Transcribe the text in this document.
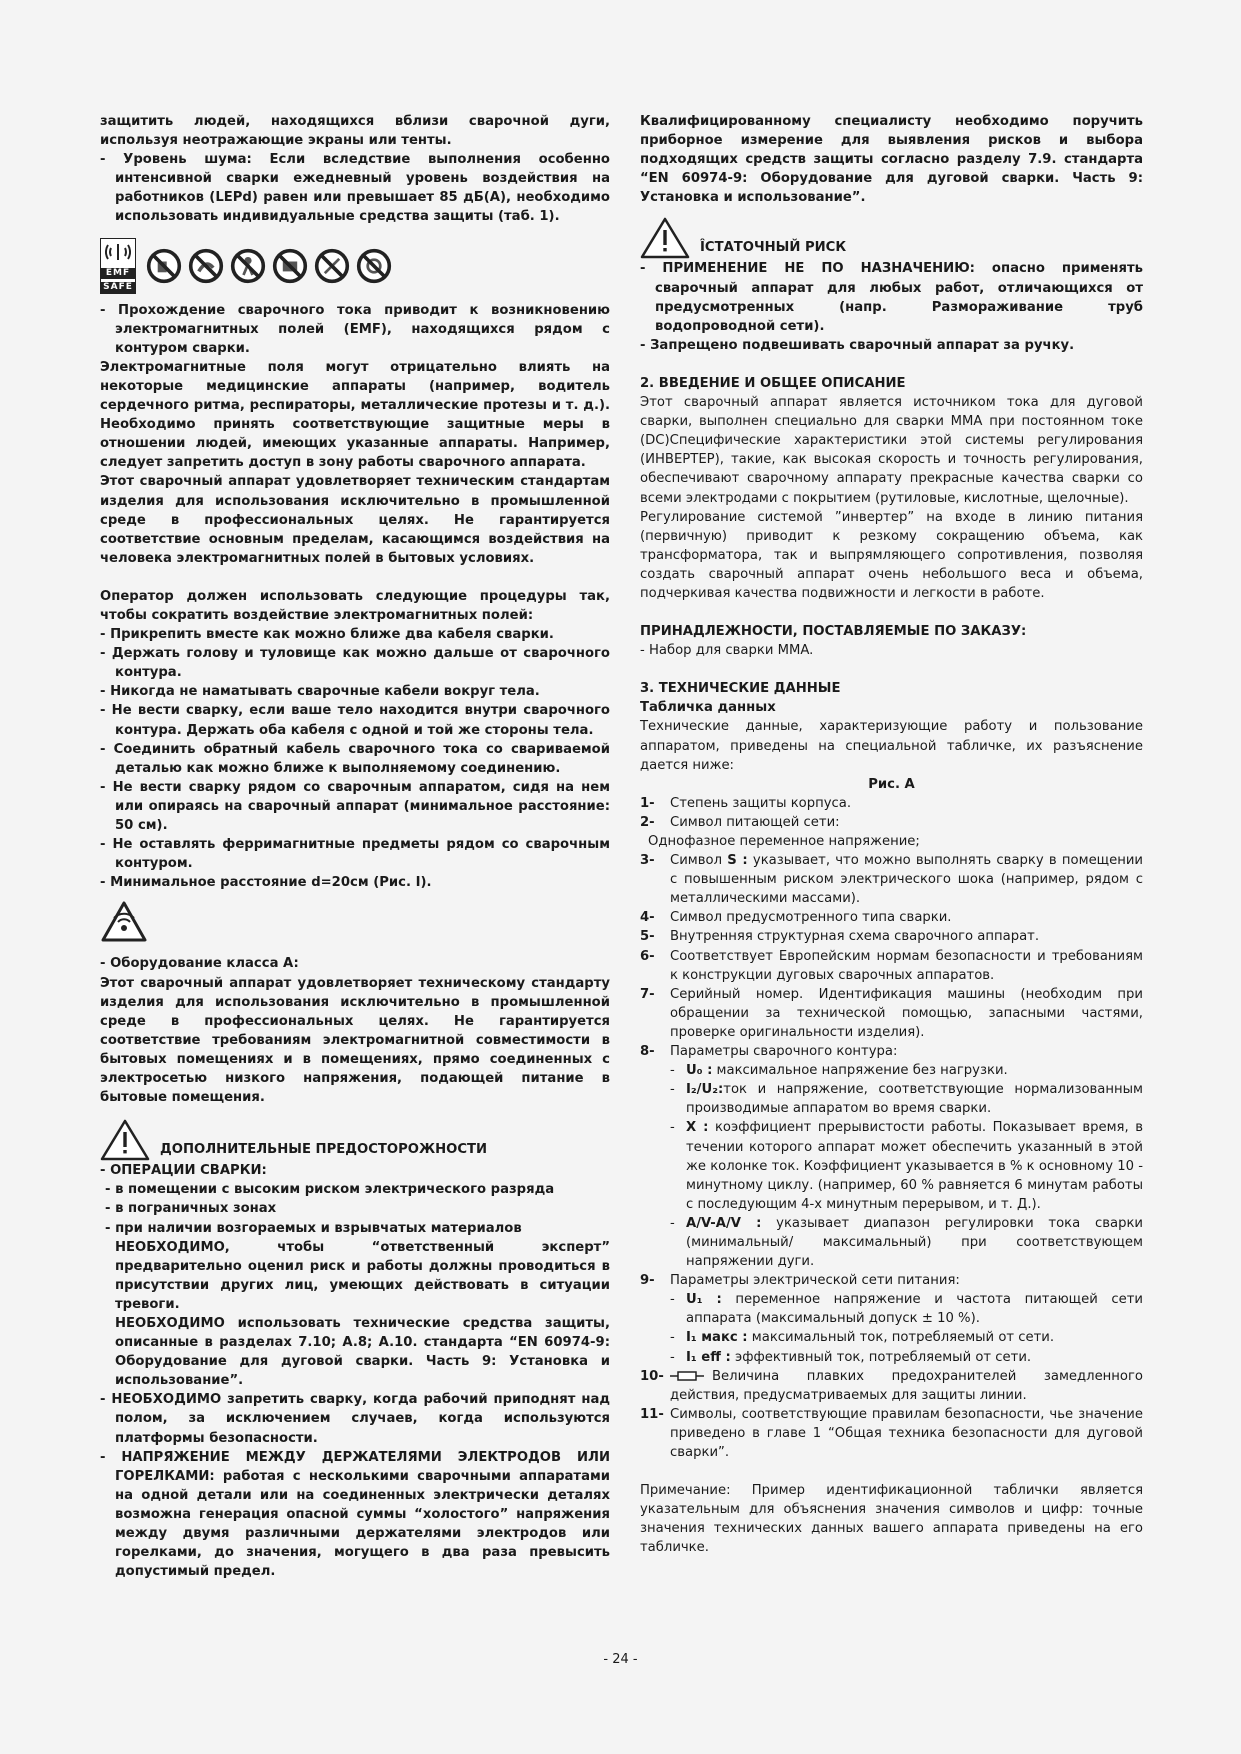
защитить людей, находящихся вблизи сварочной дуги, используя неотражающие экраны или тенты.

- Уровень шума: Если вследствие выполнения особенно интенсивной сварки ежедневный уровень воздействия на работников (LEPd) равен или превышает 85 дБ(A), необходимо использовать индивидуальные средства защиты (таб. 1).

EMF
SAFE

- Прохождение сварочного тока приводит к возникновению электромагнитных полей (EMF), находящихся рядом с контуром сварки.

Электромагнитные поля могут отрицательно влиять на некоторые медицинские аппараты (например, водитель сердечного ритма, респираторы, металлические протезы и т. д.). Необходимо принять соответствующие защитные меры в отношении людей, имеющих указанные аппараты. Например, следует запретить доступ в зону работы сварочного аппарата.

Этот сварочный аппарат удовлетворяет техническим стандартам изделия для использования исключительно в промышленной среде в профессиональных целях. Не гарантируется соответствие основным пределам, касающимся воздействия на человека электромагнитных полей в бытовых условиях.

Оператор должен использовать следующие процедуры так, чтобы сократить воздействие электромагнитных полей:

- Прикрепить вместе как можно ближе два кабеля сварки.

- Держать голову и туловище как можно дальше от сварочного контура.

- Никогда не наматывать сварочные кабели вокруг тела.

- Не вести сварку, если ваше тело находится внутри сварочного контура. Держать оба кабеля с одной и той же стороны тела.

- Соединить обратный кабель сварочного тока со свариваемой деталью как можно ближе к выполняемому соединению.

- Не вести сварку рядом со сварочным аппаратом, сидя на нем или опираясь на сварочный аппарат (минимальное расстояние: 50 см).

- Не оставлять ферримагнитные предметы рядом со сварочным контуром.

- Минимальное расстояние d=20см (Рис. I).

- Оборудование класса A:

Этот сварочный аппарат удовлетворяет техническому стандарту изделия для использования исключительно в промышленной среде в профессиональных целях. Не гарантируется соответствие требованиям электромагнитной совместимости в бытовых помещениях и в помещениях, прямо соединенных с электросетью низкого напряжения, подающей питание в бытовые помещения.

ДОПОЛНИТЕЛЬНЫЕ ПРЕДОСТОРОЖНОСТИ

- ОПЕРАЦИИ СВАРКИ:

- в помещении с высоким риском электрического разряда

- в пограничных зонах

- при наличии возгораемых и взрывчатых материалов

НЕОБХОДИМО, чтобы “ответственный эксперт” предварительно оценил риск и работы должны проводиться в присутствии других лиц, умеющих действовать в ситуации тревоги.

НЕОБХОДИМО использовать технические средства защиты, описанные в разделах 7.10; A.8; A.10. стандарта “EN 60974-9: Оборудование для дуговой сварки. Часть 9: Установка и использование”.

- НЕОБХОДИМО запретить сварку, когда рабочий приподнят над полом, за исключением случаев, когда используются платформы безопасности.

- НАПРЯЖЕНИЕ МЕЖДУ ДЕРЖАТЕЛЯМИ ЭЛЕКТРОДОВ ИЛИ ГОРЕЛКАМИ: работая с несколькими сварочными аппаратами на одной детали или на соединенных электрически деталях возможна генерация опасной суммы “холостого” напряжения между двумя различными держателями электродов или горелками, до значения, могущего в два раза превысить допустимый предел.

Квалифицированному специалисту необходимо поручить приборное измерение для выявления рисков и выбора подходящих средств защиты согласно разделу 7.9. стандарта “EN 60974-9: Оборудование для дуговой сварки. Часть 9: Установка и использование”.

ÎСТАТОЧНЫЙ РИСК

- ПРИМЕНЕНИЕ НЕ ПО НАЗНАЧЕНИЮ: опасно применять сварочный аппарат для любых работ, отличающихся от предусмотренных (напр. Размораживание труб водопроводной сети).

- Запрещено подвешивать сварочный аппарат за ручку.

2. ВВЕДЕНИЕ И ОБЩЕЕ ОПИСАНИЕ

Этот сварочный аппарат является источником тока для дуговой сварки, выполнен специально для сварки MMA при постоянном токе (DC)Специфические характеристики этой системы регулирования (ИНВЕРТЕР), такие, как высокая скорость и точность регулирования, обеспечивают сварочному аппарату прекрасные качества сварки со всеми электродами с покрытием (рутиловые, кислотные, щелочные).

Регулирование системой ”инвертер” на входе в линию питания (первичную) приводит к резкому сокращению объема, как трансформатора, так и выпрямляющего сопротивления, позволяя создать сварочный аппарат очень небольшого веса и объема, подчеркивая качества подвижности и легкости в работе.

ПРИНАДЛЕЖНОСТИ, ПОСТАВЛЯЕМЫЕ ПО ЗАКАЗУ:

- Набор для сварки MMA.

3. ТЕХНИЧЕСКИЕ ДАННЫЕ

Табличка данных

Технические данные, характеризующие работу и пользование аппаратом, приведены на специальной табличке, их разъяснение дается ниже:

Рис. A

1-	Степень защиты корпуса.
2-	Символ питающей сети:

Однофазное переменное напряжение;

3-	Символ S : указывает, что можно выполнять сварку в помещении с повышенным риском электрического шока (например, рядом с металлическими массами).
4-	Символ предусмотренного типа сварки.
5-	Внутренняя структурная схема сварочного аппарат.
6-	Соответствует Европейским нормам безопасности и требованиям к конструкции дуговых сварочных аппаратов.
7-	Серийный номер. Идентификация машины (необходим при обращении за технической помощью, запасными частями, проверке оригинальности изделия).
8-	Параметры сварочного контура:
- U₀ : максимальное напряжение без нагрузки.
- I₂/U₂:ток и напряжение, соответствующие нормализованным производимые аппаратом во время сварки.
- X : коэффициент прерывистости работы. Показывает время, в течении которого аппарат может обеспечить указанный в этой же колонке ток. Коэффициент указывается в % к основному 10 - минутному циклу. (например, 60 % равняется 6 минутам работы с последующим 4-х минутным перерывом, и т. Д.).
- A/V-A/V : указывает диапазон регулировки тока сварки (минимальный/ максимальный) при соответствующем напряжении дуги.
9-	Параметры электрической сети питания:
- U₁ : переменное напряжение и частота питающей сети аппарата (максимальный допуск ± 10 %).
- I₁ макс : максимальный ток, потребляемый от сети.
- I₁ eff : эффективный ток, потребляемый от сети.
10-	Величина плавких предохранителей замедленного действия, предусматриваемых для защиты линии.
11- Символы, соответствующие правилам безопасности, чье значение приведено в главе 1 “Общая техника безопасности для дуговой сварки”.

Примечание: Пример идентификационной таблички является указательным для объяснения значения символов и цифр: точные значения технических данных вашего аппарата приведены на его табличке.

- 24 -
